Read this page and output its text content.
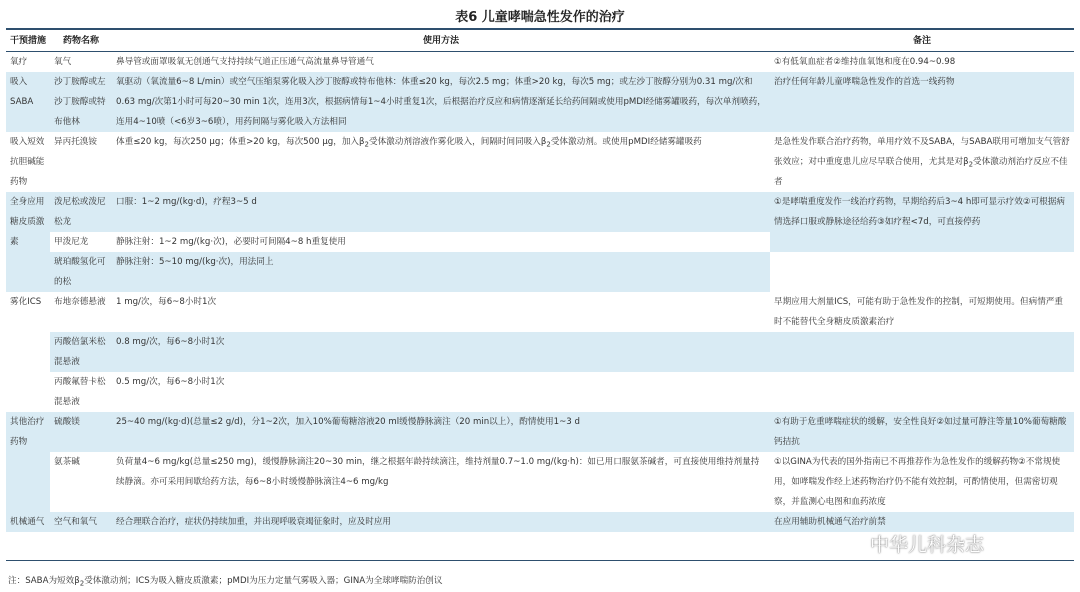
表6 儿童哮喘急性发作的治疗
干预措施	药物名称	使用方法	备注
氧疗	氧气	鼻导管或面罩吸氧无创通气支持持续气道正压通气高流量鼻导管通气	①有低氧血症者②维持血氧饱和度在0.94~0.98
吸入SABA	沙丁胺醇或左沙丁胺醇或特布他林	氧驱动（氧流量6~8 L/min）或空气压缩泵雾化吸入沙丁胺醇或特布他林：体重≤20 kg，每次2.5 mg；体重>20 kg，每次5 mg；或左沙丁胺醇分别为0.31 mg/次和0.63 mg/次第1小时可每20~30 min 1次，连用3次，根据病情每1~4小时重复1次，后根据治疗反应和病情逐渐延长给药间隔或使用pMDI经储雾罐吸药，每次单剂喷药，连用4~10喷（<6岁3~6喷），用药间隔与雾化吸入方法相同	治疗任何年龄儿童哮喘急性发作的首选一线药物
吸入短效抗胆碱能药物	异丙托溴铵	体重≤20 kg，每次250 μg；体重>20 kg，每次500 μg，加入$\beta_2$受体激动剂溶液作雾化吸入，间隔时间同吸入$\beta_2$受体激动剂。或使用pMDI经储雾罐吸药	是急性发作联合治疗药物，单用疗效不及SABA，与SABA联用可增加支气管舒张效应；对中重度患儿应尽早联合使用，尤其是对$\beta_2$受体激动剂治疗反应不佳者
全身应用糖皮质激素	泼尼松或泼尼松龙	口服：1~2 mg/(kg·d)，疗程3~5 d	①是哮喘重度发作一线治疗药物，早期给药后3~4 h即可显示疗效②可根据病情选择口服或静脉途径给药③如疗程<7d，可直接停药
	甲泼尼龙	静脉注射：1~2 mg/(kg·次)，必要时可间隔4~8 h重复使用	
	琥珀酸氢化可的松	静脉注射：5~10 mg/(kg·次)，用法同上	
雾化ICS	布地奈德悬液	1 mg/次，每6~8小时1次	早期应用大剂量ICS，可能有助于急性发作的控制，可短期使用。但病情严重时不能替代全身糖皮质激素治疗
	丙酸倍氯米松混悬液	0.8 mg/次，每6~8小时1次	
	丙酸氟替卡松混悬液	0.5 mg/次，每6~8小时1次	
其他治疗药物	硫酸镁	25~40 mg/(kg·d)(总量≤2 g/d)，分1~2次，加入10%葡萄糖溶液20 ml缓慢静脉滴注（20 min以上），酌情使用1~3 d	①有助于危重哮喘症状的缓解，安全性良好②如过量可静注等量10%葡萄糖酸钙拮抗
	氨茶碱	负荷量4~6 mg/kg(总量≤250 mg)，缓慢静脉滴注20~30 min，继之根据年龄持续滴注，维持剂量0.7~1.0 mg/(kg·h)：如已用口服氨茶碱者，可直接使用维持剂量持续静滴。亦可采用间歇给药方法，每6~8小时缓慢静脉滴注4~6 mg/kg	①以GINA为代表的国外指南已不再推荐作为急性发作的缓解药物②不常规使用，如哮喘发作经上述药物治疗仍不能有效控制，可酌情使用，但需密切观察，并监测心电图和血药浓度
机械通气	空气和氧气	经合理联合治疗，症状仍持续加重，并出现呼吸衰竭征象时，应及时应用	在应用辅助机械通气治疗前禁
注：SABA为短效$\beta_2$受体激动剂；ICS为吸入糖皮质激素；pMDI为压力定量气雾吸入器；GINA为全球哮喘防治创议
中华儿科杂志
